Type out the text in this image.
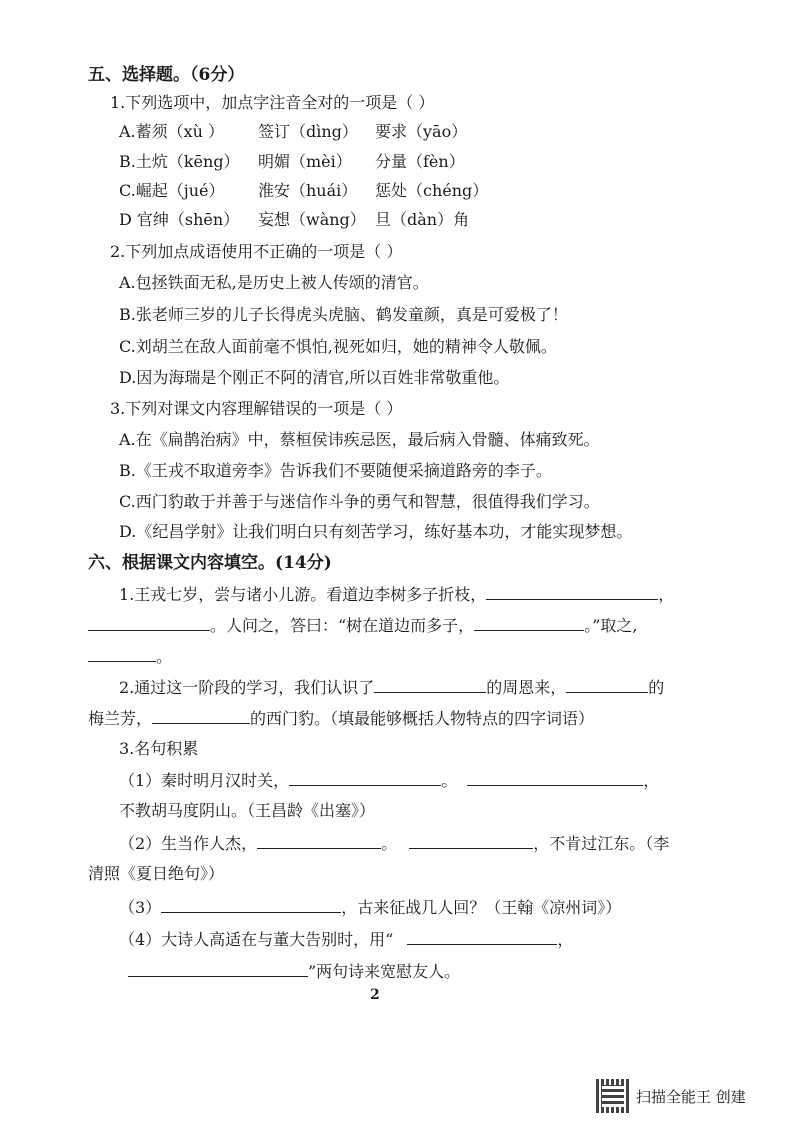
五、选择题。（6分）
1.下列选项中，加点字注音全对的一项是（ ）
A.蓄须（xù ） 签订（dìng） 要求（yāo）
B.土炕（kēng） 明媚（mèi） 分量（fèn）
C.崛起（jué） 淮安（huái） 惩处（chéng）
D 官绅（shēn） 妄想（wàng） 旦（dàn）角
2.下列加点成语使用不正确的一项是（ ）
A.包拯铁面无私,是历史上被人传颂的清官。
B.张老师三岁的儿子长得虎头虎脑、鹤发童颜，真是可爱极了！
C.刘胡兰在敌人面前毫不惧怕,视死如归，她的精神令人敬佩。
D.因为海瑞是个刚正不阿的清官,所以百姓非常敬重他。
3.下列对课文内容理解错误的一项是（ ）
A.在《扁鹊治病》中，蔡桓侯讳疾忌医，最后病入骨髓、体痛致死。
B.《王戎不取道旁李》告诉我们不要随便采摘道路旁的李子。
C.西门豹敢于并善于与迷信作斗争的勇气和智慧，很值得我们学习。
D.《纪昌学射》让我们明白只有刻苦学习，练好基本功，才能实现梦想。
六、根据课文内容填空。(14分)
1.王戎七岁，尝与诸小儿游。看道边李树多子折枝，	，
。人问之，答曰：“树在道边而多子，	。”取之,
。
2.通过这一阶段的学习，我们认识了	的周恩来，	的
梅兰芳，	的西门豹。（填最能够概括人物特点的四字词语）
3.名句积累
（1）秦时明月汉时关，	。	，
不教胡马度阴山。（王昌龄《出塞》）
（2）生当作人杰，	。	，不肯过江东。（李
清照《夏日绝句》）
（3）	，古来征战几人回？（王翰《凉州词》）
（4）大诗人高适在与董大告别时，用“	，
”两句诗来宽慰友人。
2
扫描全能王 创建
